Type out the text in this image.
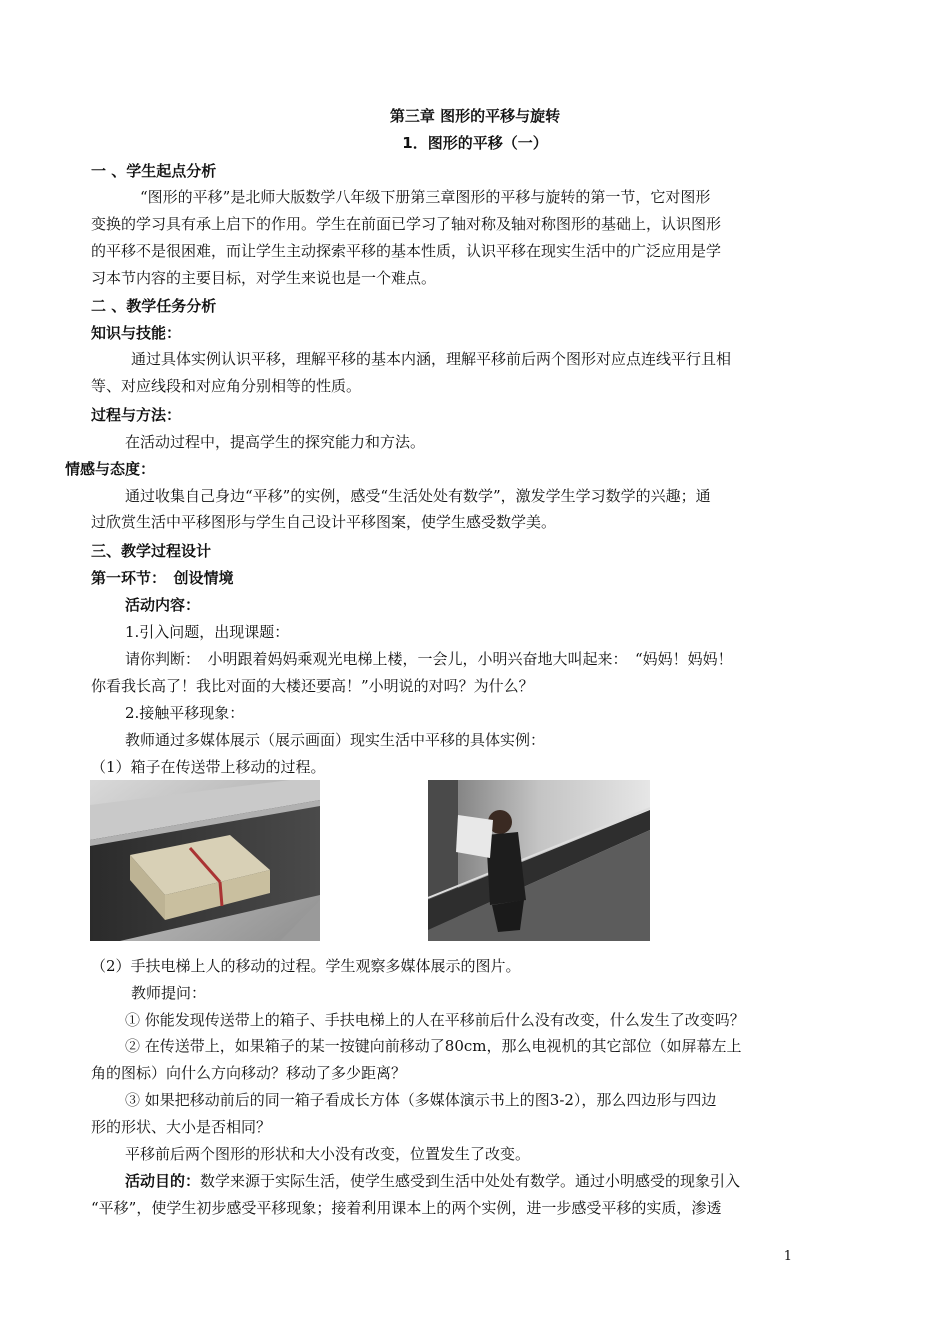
第三章 图形的平移与旋转
1．图形的平移（一）
一 、学生起点分析
“图形的平移”是北师大版数学八年级下册第三章图形的平移与旋转的第一节，它对图形
变换的学习具有承上启下的作用。学生在前面已学习了轴对称及轴对称图形的基础上，认识图形
的平移不是很困难，而让学生主动探索平移的基本性质，认识平移在现实生活中的广泛应用是学
习本节内容的主要目标，对学生来说也是一个难点。
二 、教学任务分析
知识与技能：
通过具体实例认识平移，理解平移的基本内涵，理解平移前后两个图形对应点连线平行且相
等、对应线段和对应角分别相等的性质。
过程与方法：
在活动过程中，提高学生的探究能力和方法。
情感与态度：
通过收集自己身边“平移”的实例，感受“生活处处有数学”，激发学生学习数学的兴趣；通
过欣赏生活中平移图形与学生自己设计平移图案，使学生感受数学美。
三、教学过程设计
第一环节：　创设情境
活动内容：
1.引入问题，出现课题：
请你判断：　小明跟着妈妈乘观光电梯上楼，一会儿，小明兴奋地大叫起来：　“妈妈！妈妈！
你看我长高了！我比对面的大楼还要高！”小明说的对吗？为什么？
2.接触平移现象：
教师通过多媒体展示（展示画面）现实生活中平移的具体实例：
（1）箱子在传送带上移动的过程。
（2）手扶电梯上人的移动的过程。学生观察多媒体展示的图片。
教师提问：
① 你能发现传送带上的箱子、手扶电梯上的人在平移前后什么没有改变，什么发生了改变吗？
② 在传送带上，如果箱子的某一按键向前移动了80cm，那么电视机的其它部位（如屏幕左上
角的图标）向什么方向移动？移动了多少距离？
③ 如果把移动前后的同一箱子看成长方体（多媒体演示书上的图3-2），那么四边形与四边
形的形状、大小是否相同？
平移前后两个图形的形状和大小没有改变，位置发生了改变。
活动目的：数学来源于实际生活，使学生感受到生活中处处有数学。通过小明感受的现象引入
“平移”，使学生初步感受平移现象；接着利用课本上的两个实例，进一步感受平移的实质，渗透
1
